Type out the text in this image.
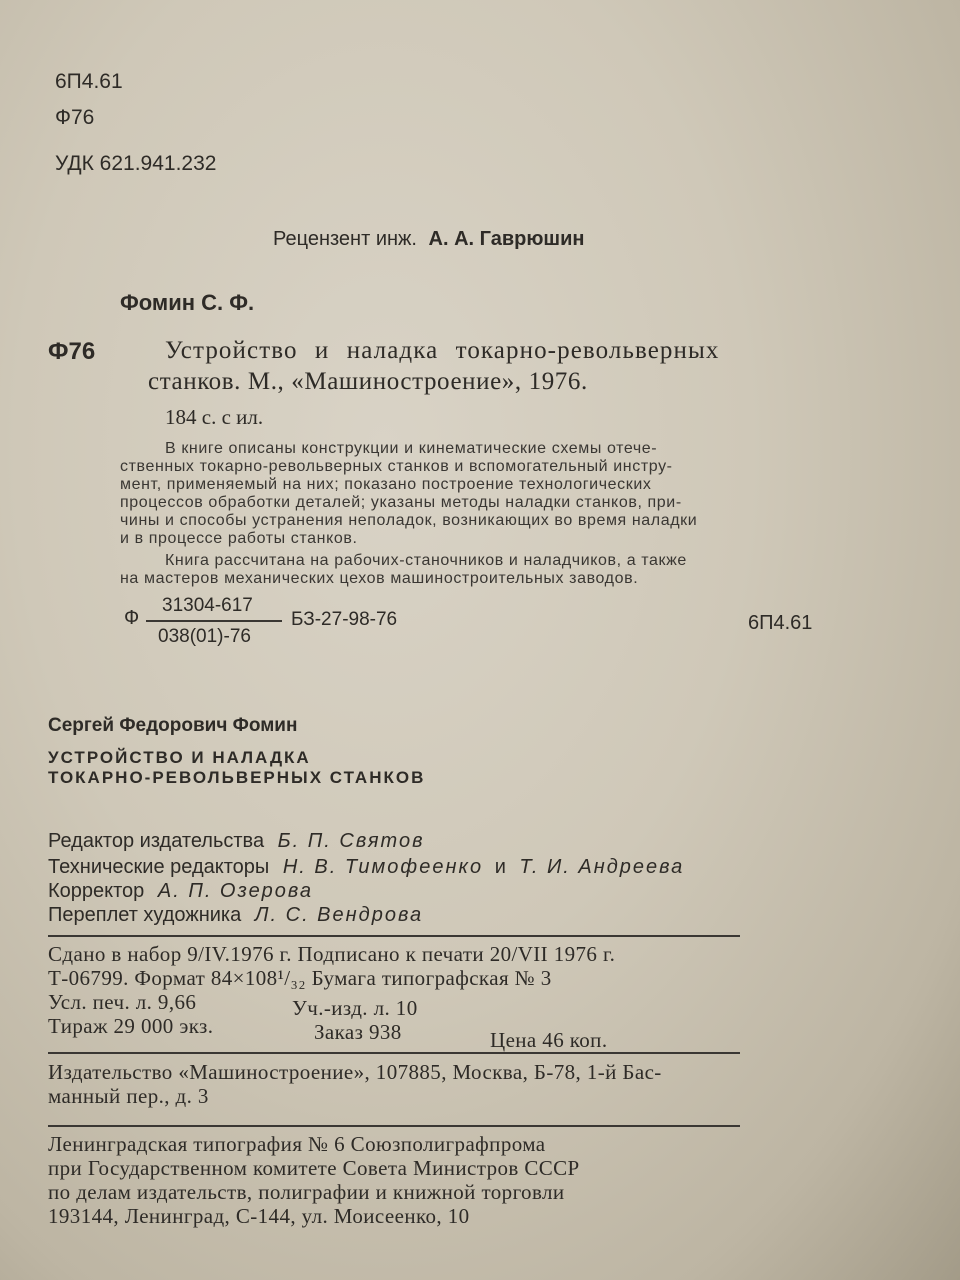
6П4.61
Ф76
УДК 621.941.232
Рецензент инж. А. А. Гаврюшин
Фомин С. Ф.
Ф76	Устройство и наладка токарно-револьверных
станков. М., «Машиностроение», 1976.
184 с. с ил.
В книге описаны конструкции и кинематические схемы отече-
ственных токарно-револьверных станков и вспомогательный инстру-
мент, применяемый на них; показано построение технологических
процессов обработки деталей; указаны методы наладки станков, при-
чины и способы устранения неполадок, возникающих во время наладки
и в процессе работы станков.
Книга рассчитана на рабочих-станочников и наладчиков, а также
на мастеров механических цехов машиностроительных заводов.
Ф
31304-617
038(01)-76
БЗ-27-98-76	6П4.61
Сергей Федорович Фомин
УСТРОЙСТВО И НАЛАДКА
ТОКАРНО-РЕВОЛЬВЕРНЫХ СТАНКОВ
Редактор издательства Б. П. Святов
Технические редакторы Н. В. Тимофеенко и Т. И. Андреева
Корректор А. П. Озерова
Переплет художника Л. С. Вендрова
Сдано в набор 9/IV.1976 г. Подписано к печати 20/VII 1976 г.
Т-06799. Формат 84×108¹/₃₂ Бумага типографская № 3
Усл. печ. л. 9,66	Уч.-изд. л. 10
Тираж 29 000 экз.	Заказ 938	Цена 46 коп.
Издательство «Машиностроение», 107885, Москва, Б-78, 1-й Бас-
манный пер., д. 3
Ленинградская типография № 6 Союзполиграфпрома
при Государственном комитете Совета Министров СССР
по делам издательств, полиграфии и книжной торговли
193144, Ленинград, С-144, ул. Моисеенко, 10
